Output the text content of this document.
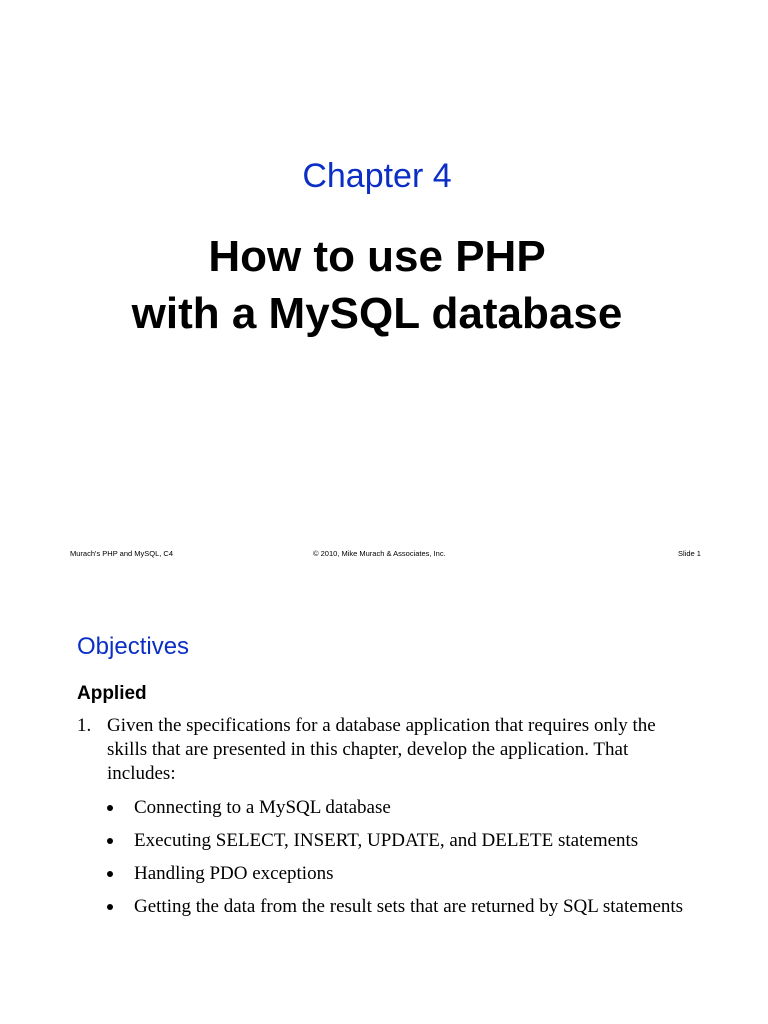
Chapter 4
How to use PHP
with a MySQL database
Murach's PHP and MySQL, C4	© 2010, Mike Murach & Associates, Inc.	Slide 1
Objectives
Applied
1. Given the specifications for a database application that requires only the skills that are presented in this chapter, develop the application. That includes:
Connecting to a MySQL database
Executing SELECT, INSERT, UPDATE, and DELETE statements
Handling PDO exceptions
Getting the data from the result sets that are returned by SQL statements
